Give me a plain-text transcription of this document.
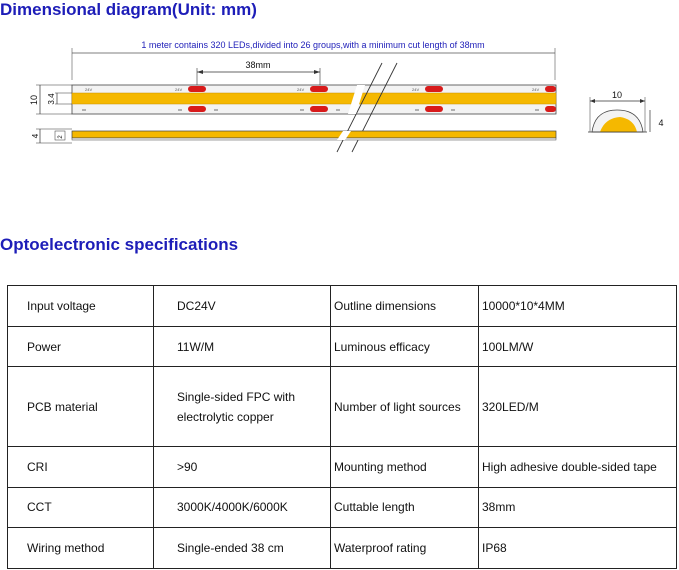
Dimensional diagram(Unit: mm)
1 meter contains 320 LEDs,divided into 26 groups,with a minimum cut length of 38mm
38mm
24V	24V	24V	24V	24V
10 3.4
4	2
10
4
Optoelectronic specifications
Input voltage	DC24V	Outline dimensions	10000*10*4MM
Power	11W/M	Luminous efficacy	100LM/W
PCB material	Single-sided FPC with electrolytic copper	Number of light sources	320LED/M
CRI	>90	Mounting method	High adhesive double-sided tape
CCT	3000K/4000K/6000K	Cuttable length	38mm
Wiring method	Single-ended 38 cm	Waterproof rating	IP68
